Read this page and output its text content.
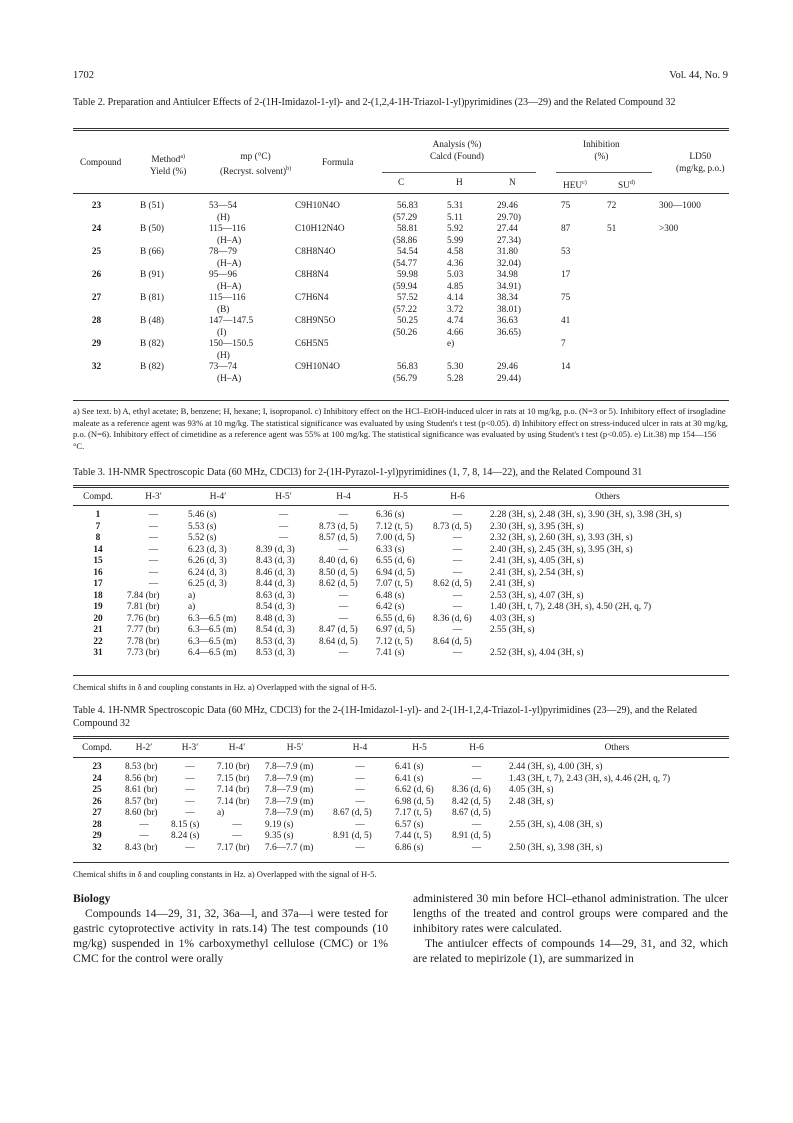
1702	Vol. 44, No. 9
Table 2. Preparation and Antiulcer Effects of 2-(1H-Imidazol-1-yl)- and 2-(1,2,4-1H-Triazol-1-yl)pyrimidines (23—29) and the Related Compound 32
Compound	Method$^{a)}$
Yield (%)
mp (°C)
(Recryst. solvent)$^{b)}$
Formula
Analysis (%)
Calcd (Found)
C	H	N
Inhibition
(%)
HEU$^{c)}$	SU$^{d)}$
LD50
(mg/kg, p.o.)
23	B (51)	53—54	C9H10N4O	56.83	5.31	29.46	75	72	300—1000
		(H)		(57.29	5.11	29.70)			
24	B (50)	115—116	C10H12N4O	58.81	5.92	27.44	87	51	>300
		(H–A)		(58.86	5.99	27.34)			
25	B (66)	78—79	C8H8N4O	54.54	4.58	31.80	53		
		(H–A)		(54.77	4.36	32.04)			
26	B (91)	95—96	C8H8N4	59.98	5.03	34.98	17		
		(H–A)		(59.94	4.85	34.91)			
27	B (81)	115—116	C7H6N4	57.52	4.14	38.34	75		
		(B)		(57.22	3.72	38.01)			
28	B (48)	147—147.5	C8H9N5O	50.25	4.74	36.63	41		
		(I)		(50.26	4.66	36.65)			
29	B (82)	150—150.5	C6H5N5		e)		7		
		(H)							
32	B (82)	73—74	C9H10N4O	56.83	5.30	29.46	14		
		(H–A)		(56.79	5.28	29.44)			
a) See text. b) A, ethyl acetate; B, benzene; H, hexane; I, isopropanol. c) Inhibitory effect on the HCl–EtOH-induced ulcer in rats at 10 mg/kg, p.o. (N=3 or 5). Inhibitory effect of irsogladine maleate as a reference agent was 93% at 10 mg/kg. The statistical significance was evaluated by using Student's t test (p<0.05). d) Inhibitory effect on stress-induced ulcer in rats at 30 mg/kg, p.o. (N=6). Inhibitory effect of cimetidine as a reference agent was 55% at 100 mg/kg. The statistical significance was evaluated by using Student's t test (p<0.05). e) Lit.38) mp 154—156 °C.
Table 3. 1H-NMR Spectroscopic Data (60 MHz, CDCl3) for 2-(1H-Pyrazol-1-yl)pyrimidines (1, 7, 8, 14—22), and the Related Compound 31
Compd.	H-3′	H-4′	H-5′	H-4	H-5	H-6	Others
1	—	5.46 (s)	—	—	6.36 (s)	—	2.28 (3H, s), 2.48 (3H, s), 3.90 (3H, s), 3.98 (3H, s)
7	—	5.53 (s)	—	8.73 (d, 5)	7.12 (t, 5)	8.73 (d, 5)	2.30 (3H, s), 3.95 (3H, s)
8	—	5.52 (s)	—	8.57 (d, 5)	7.00 (d, 5)	—	2.32 (3H, s), 2.60 (3H, s), 3.93 (3H, s)
14	—	6.23 (d, 3)	8.39 (d, 3)	—	6.33 (s)	—	2.40 (3H, s), 2.45 (3H, s), 3.95 (3H, s)
15	—	6.26 (d, 3)	8.43 (d, 3)	8.40 (d, 6)	6.55 (d, 6)	—	2.41 (3H, s), 4.05 (3H, s)
16	—	6.24 (d, 3)	8.46 (d, 3)	8.50 (d, 5)	6.94 (d, 5)	—	2.41 (3H, s), 2.54 (3H, s)
17	—	6.25 (d, 3)	8.44 (d, 3)	8.62 (d, 5)	7.07 (t, 5)	8.62 (d, 5)	2.41 (3H, s)
18	7.84 (br)	a)	8.63 (d, 3)	—	6.48 (s)	—	2.53 (3H, s), 4.07 (3H, s)
19	7.81 (br)	a)	8.54 (d, 3)	—	6.42 (s)	—	1.40 (3H, t, 7), 2.48 (3H, s), 4.50 (2H, q, 7)
20	7.76 (br)	6.3—6.5 (m)	8.48 (d, 3)	—	6.55 (d, 6)	8.36 (d, 6)	4.03 (3H, s)
21	7.77 (br)	6.3—6.5 (m)	8.54 (d, 3)	8.47 (d, 5)	6.97 (d, 5)	—	2.55 (3H, s)
22	7.78 (br)	6.3—6.5 (m)	8.53 (d, 3)	8.64 (d, 5)	7.12 (t, 5)	8.64 (d, 5)	
31	7.73 (br)	6.4—6.5 (m)	8.53 (d, 3)	—	7.41 (s)	—	2.52 (3H, s), 4.04 (3H, s)
Chemical shifts in δ and coupling constants in Hz. a) Overlapped with the signal of H-5.
Table 4. 1H-NMR Spectroscopic Data (60 MHz, CDCl3) for the 2-(1H-Imidazol-1-yl)- and 2-(1H-1,2,4-Triazol-1-yl)pyrimidines (23—29), and the Related Compound 32
Compd.	H-2′	H-3′	H-4′	H-5′	H-4	H-5	H-6	Others
23	8.53 (br)	—	7.10 (br)	7.8—7.9 (m)	—	6.41 (s)	—	2.44 (3H, s), 4.00 (3H, s)
24	8.56 (br)	—	7.15 (br)	7.8—7.9 (m)	—	6.41 (s)	—	1.43 (3H, t, 7), 2.43 (3H, s), 4.46 (2H, q, 7)
25	8.61 (br)	—	7.14 (br)	7.8—7.9 (m)	—	6.62 (d, 6)	8.36 (d, 6)	4.05 (3H, s)
26	8.57 (br)	—	7.14 (br)	7.8—7.9 (m)	—	6.98 (d, 5)	8.42 (d, 5)	2.48 (3H, s)
27	8.60 (br)	—	a)	7.8—7.9 (m)	8.67 (d, 5)	7.17 (t, 5)	8.67 (d, 5)	
28	—	8.15 (s)	—	9.19 (s)	—	6.57 (s)	—	2.55 (3H, s), 4.08 (3H, s)
29	—	8.24 (s)	—	9.35 (s)	8.91 (d, 5)	7.44 (t, 5)	8.91 (d, 5)	
32	8.43 (br)	—	7.17 (br)	7.6—7.7 (m)	—	6.86 (s)	—	2.50 (3H, s), 3.98 (3H, s)
Chemical shifts in δ and coupling constants in Hz. a) Overlapped with the signal of H-5.
Biology
Compounds 14—29, 31, 32, 36a—l, and 37a—i were tested for gastric cytoprotective activity in rats.14) The test compounds (10 mg/kg) suspended in 1% carboxymethyl cellulose (CMC) or 1% CMC for the control were orally
administered 30 min before HCl–ethanol administration. The ulcer lengths of the treated and control groups were compared and the inhibitory rates were calculated.
The antiulcer effects of compounds 14—29, 31, and 32, which are related to mepirizole (1), are summarized in
